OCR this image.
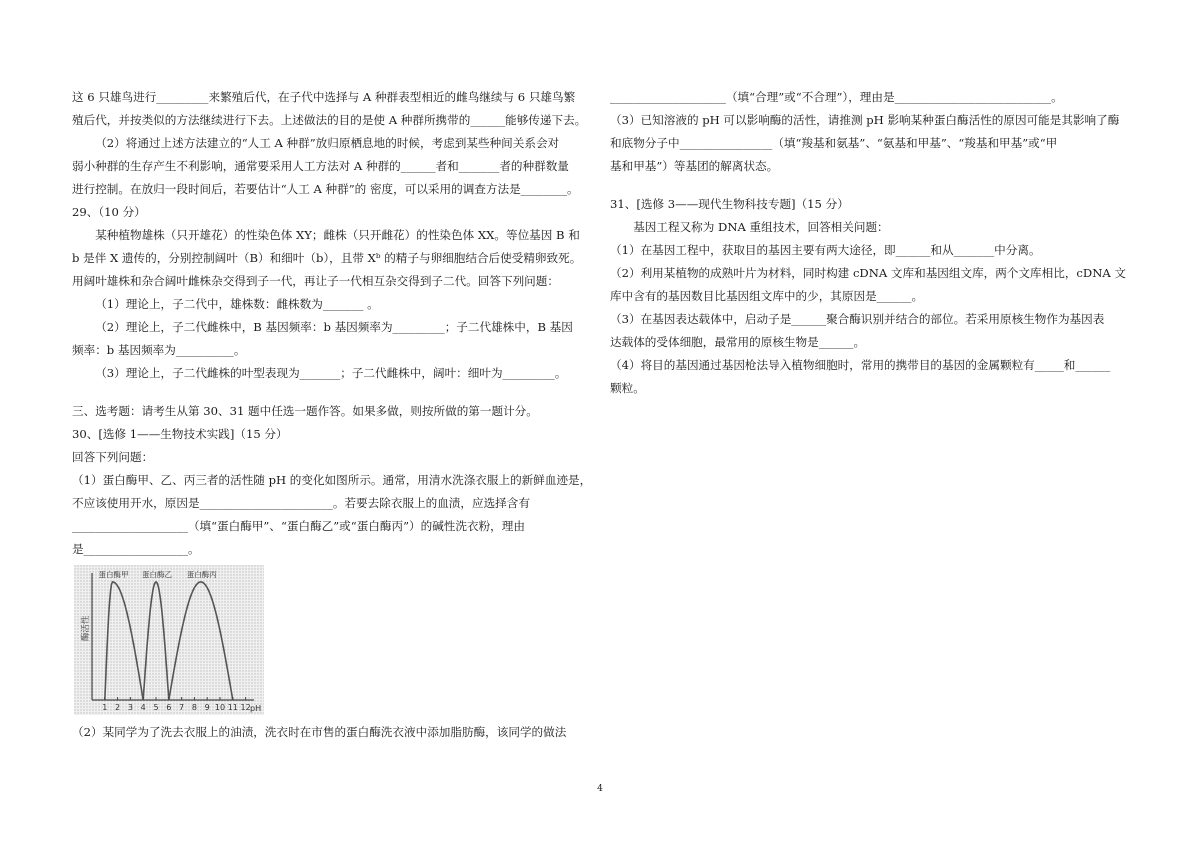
这 6 只雄鸟进行_________来繁殖后代，在子代中选择与 A 种群表型相近的雌鸟继续与 6 只雄鸟繁

殖后代，并按类似的方法继续进行下去。上述做法的目的是使 A 种群所携带的______能够传递下去。

（2）将通过上述方法建立的“人工 A 种群”放归原栖息地的时候，考虑到某些种间关系会对

弱小种群的生存产生不利影响，通常要采用人工方法对 A 种群的______者和_______者的种群数量

进行控制。在放归一段时间后，若要估计“人工 A 种群”的 密度，可以采用的调查方法是________。

29、（10 分）

某种植物雄株（只开雄花）的性染色体 XY；雌株（只开雌花）的性染色体 XX。等位基因 B 和

b 是伴 X 遗传的，分别控制阔叶（B）和细叶（b），且带 Xᵇ 的精子与卵细胞结合后使受精卵致死。

用阔叶雄株和杂合阔叶雌株杂交得到子一代，再让子一代相互杂交得到子二代。回答下列问题：

（1）理论上，子二代中，雄株数：雌株数为_______ 。

（2）理论上，子二代雌株中，B 基因频率：b 基因频率为_________；子二代雄株中，B 基因

频率：b 基因频率为__________。

（3）理论上，子二代雌株的叶型表现为_______；子二代雌株中，阔叶：细叶为_________。

三、选考题：请考生从第 30、31 题中任选一题作答。如果多做，则按所做的第一题计分。

30、[选修 1——生物技术实践]（15 分）

回答下列问题：

（1）蛋白酶甲、乙、丙三者的活性随 pH 的变化如图所示。通常，用清水洗涤衣服上的新鲜血迹是，

不应该使用开水，原因是_______________________。若要去除衣服上的血渍，应选择含有

____________________（填“蛋白酶甲”、“蛋白酶乙”或“蛋白酶丙”）的碱性洗衣粉，理由

是__________________。

1 2 3 4 5 6 7 8 9 10 11 12
蛋白酶甲 蛋白酶乙 蛋白酶丙
酶活性
pH

（2）某同学为了洗去衣服上的油渍，洗衣时在市售的蛋白酶洗衣液中添加脂肪酶，该同学的做法

____________________（填“合理”或“不合理”），理由是___________________________。

（3）已知溶液的 pH 可以影响酶的活性，请推测 pH 影响某种蛋白酶活性的原因可能是其影响了酶

和底物分子中________________（填“羧基和氨基”、“氨基和甲基”、“羧基和甲基”或“甲

基和甲基”）等基团的解离状态。

31、[选修 3——现代生物科技专题]（15 分）

基因工程又称为 DNA 重组技术，回答相关问题：

（1）在基因工程中，获取目的基因主要有两大途径，即______和从_______中分离。

（2）利用某植物的成熟叶片为材料，同时构建 cDNA 文库和基因组文库，两个文库相比，cDNA 文

库中含有的基因数目比基因组文库中的少，其原因是______。

（3）在基因表达载体中，启动子是______聚合酶识别并结合的部位。若采用原核生物作为基因表

达载体的受体细胞，最常用的原核生物是______。

（4）将目的基因通过基因枪法导入植物细胞时，常用的携带目的基因的金属颗粒有_____和______

颗粒。

4
